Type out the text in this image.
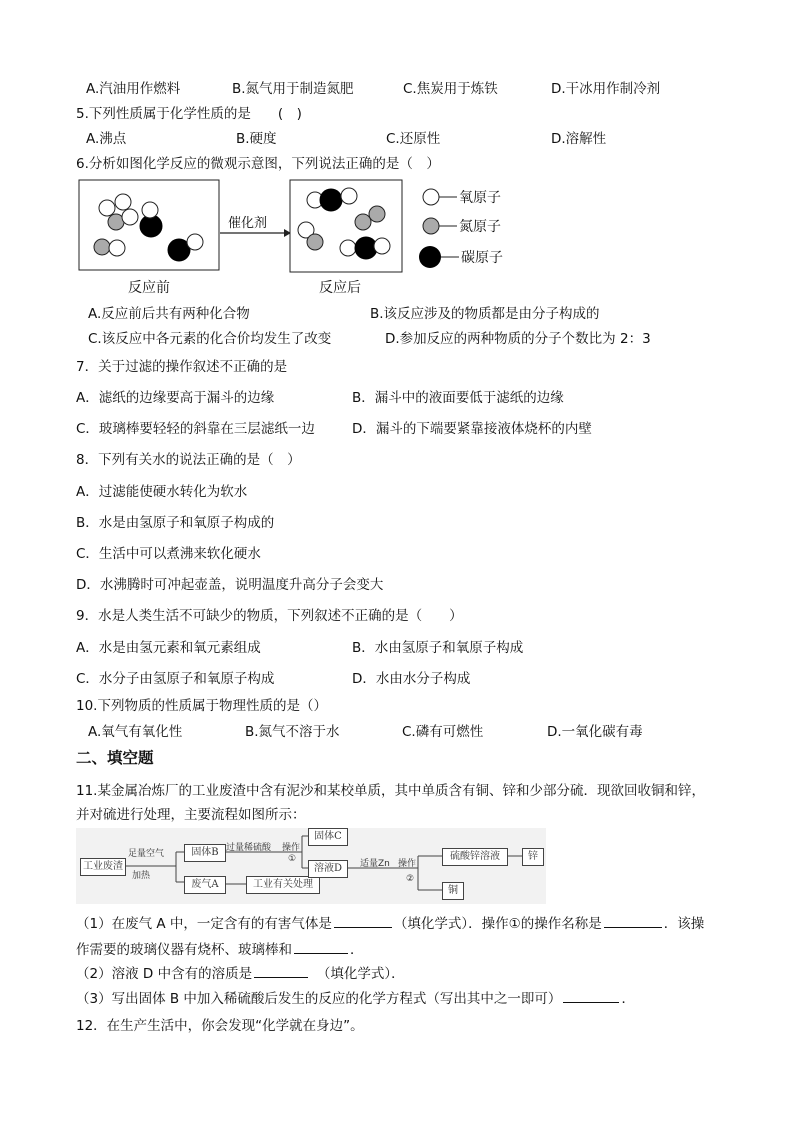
A.汽油用作燃料	B.氮气用于制造氮肥	C.焦炭用于炼铁	D.干冰用作制冷剂
5.下列性质属于化学性质的是　　(　)
A.沸点	B.硬度	C.还原性	D.溶解性
6.分析如图化学反应的微观示意图，下列说法正确的是（　）
催化剂
反应前	反应后
氧原子
氮原子
碳原子
A.反应前后共有两种化合物	B.该反应涉及的物质都是由分子构成的
C.该反应中各元素的化合价均发生了改变	D.参加反应的两种物质的分子个数比为 2：3
7．关于过滤的操作叙述不正确的是
A．滤纸的边缘要高于漏斗的边缘	B．漏斗中的液面要低于滤纸的边缘
C．玻璃棒要轻轻的斜靠在三层滤纸一边	D．漏斗的下端要紧靠接液体烧杯的内壁
8．下列有关水的说法正确的是（　）
A．过滤能使硬水转化为软水
B．水是由氢原子和氧原子构成的
C．生活中可以煮沸来软化硬水
D．水沸腾时可冲起壶盖，说明温度升高分子会变大
9．水是人类生活不可缺少的物质，下列叙述不正确的是（　　）
A．水是由氢元素和氧元素组成	B．水由氢原子和氧原子构成
C．水分子由氢原子和氧原子构成	D．水由水分子构成
10.下列物质的性质属于物理性质的是（）
A.氧气有氧化性	B.氮气不溶于水	C.磷有可燃性	D.一氧化碳有毒
二、填空题
11.某金属冶炼厂的工业废渣中含有泥沙和某校单质，其中单质含有铜、锌和少部分硫．现欲回收铜和锌，
并对硫进行处理，主要流程如图所示：
工业废渣
足量空气
加热
固体B
废气A	工业有关处理
过量稀硫酸 操作
①
固体C
溶液D	适量Zn 操作
②
硫酸锌溶液	锌
铜
（1）在废气 A 中，一定含有的有害气体是	（填化学式）．操作①的操作名称是	．该操
作需要的玻璃仪器有烧杯、玻璃棒和	．
（2）溶液 D 中含有的溶质是	　（填化学式）．
（3）写出固体 B 中加入稀硫酸后发生的反应的化学方程式（写出其中之一即可）	．
12．在生产生活中，你会发现“化学就在身边”。
